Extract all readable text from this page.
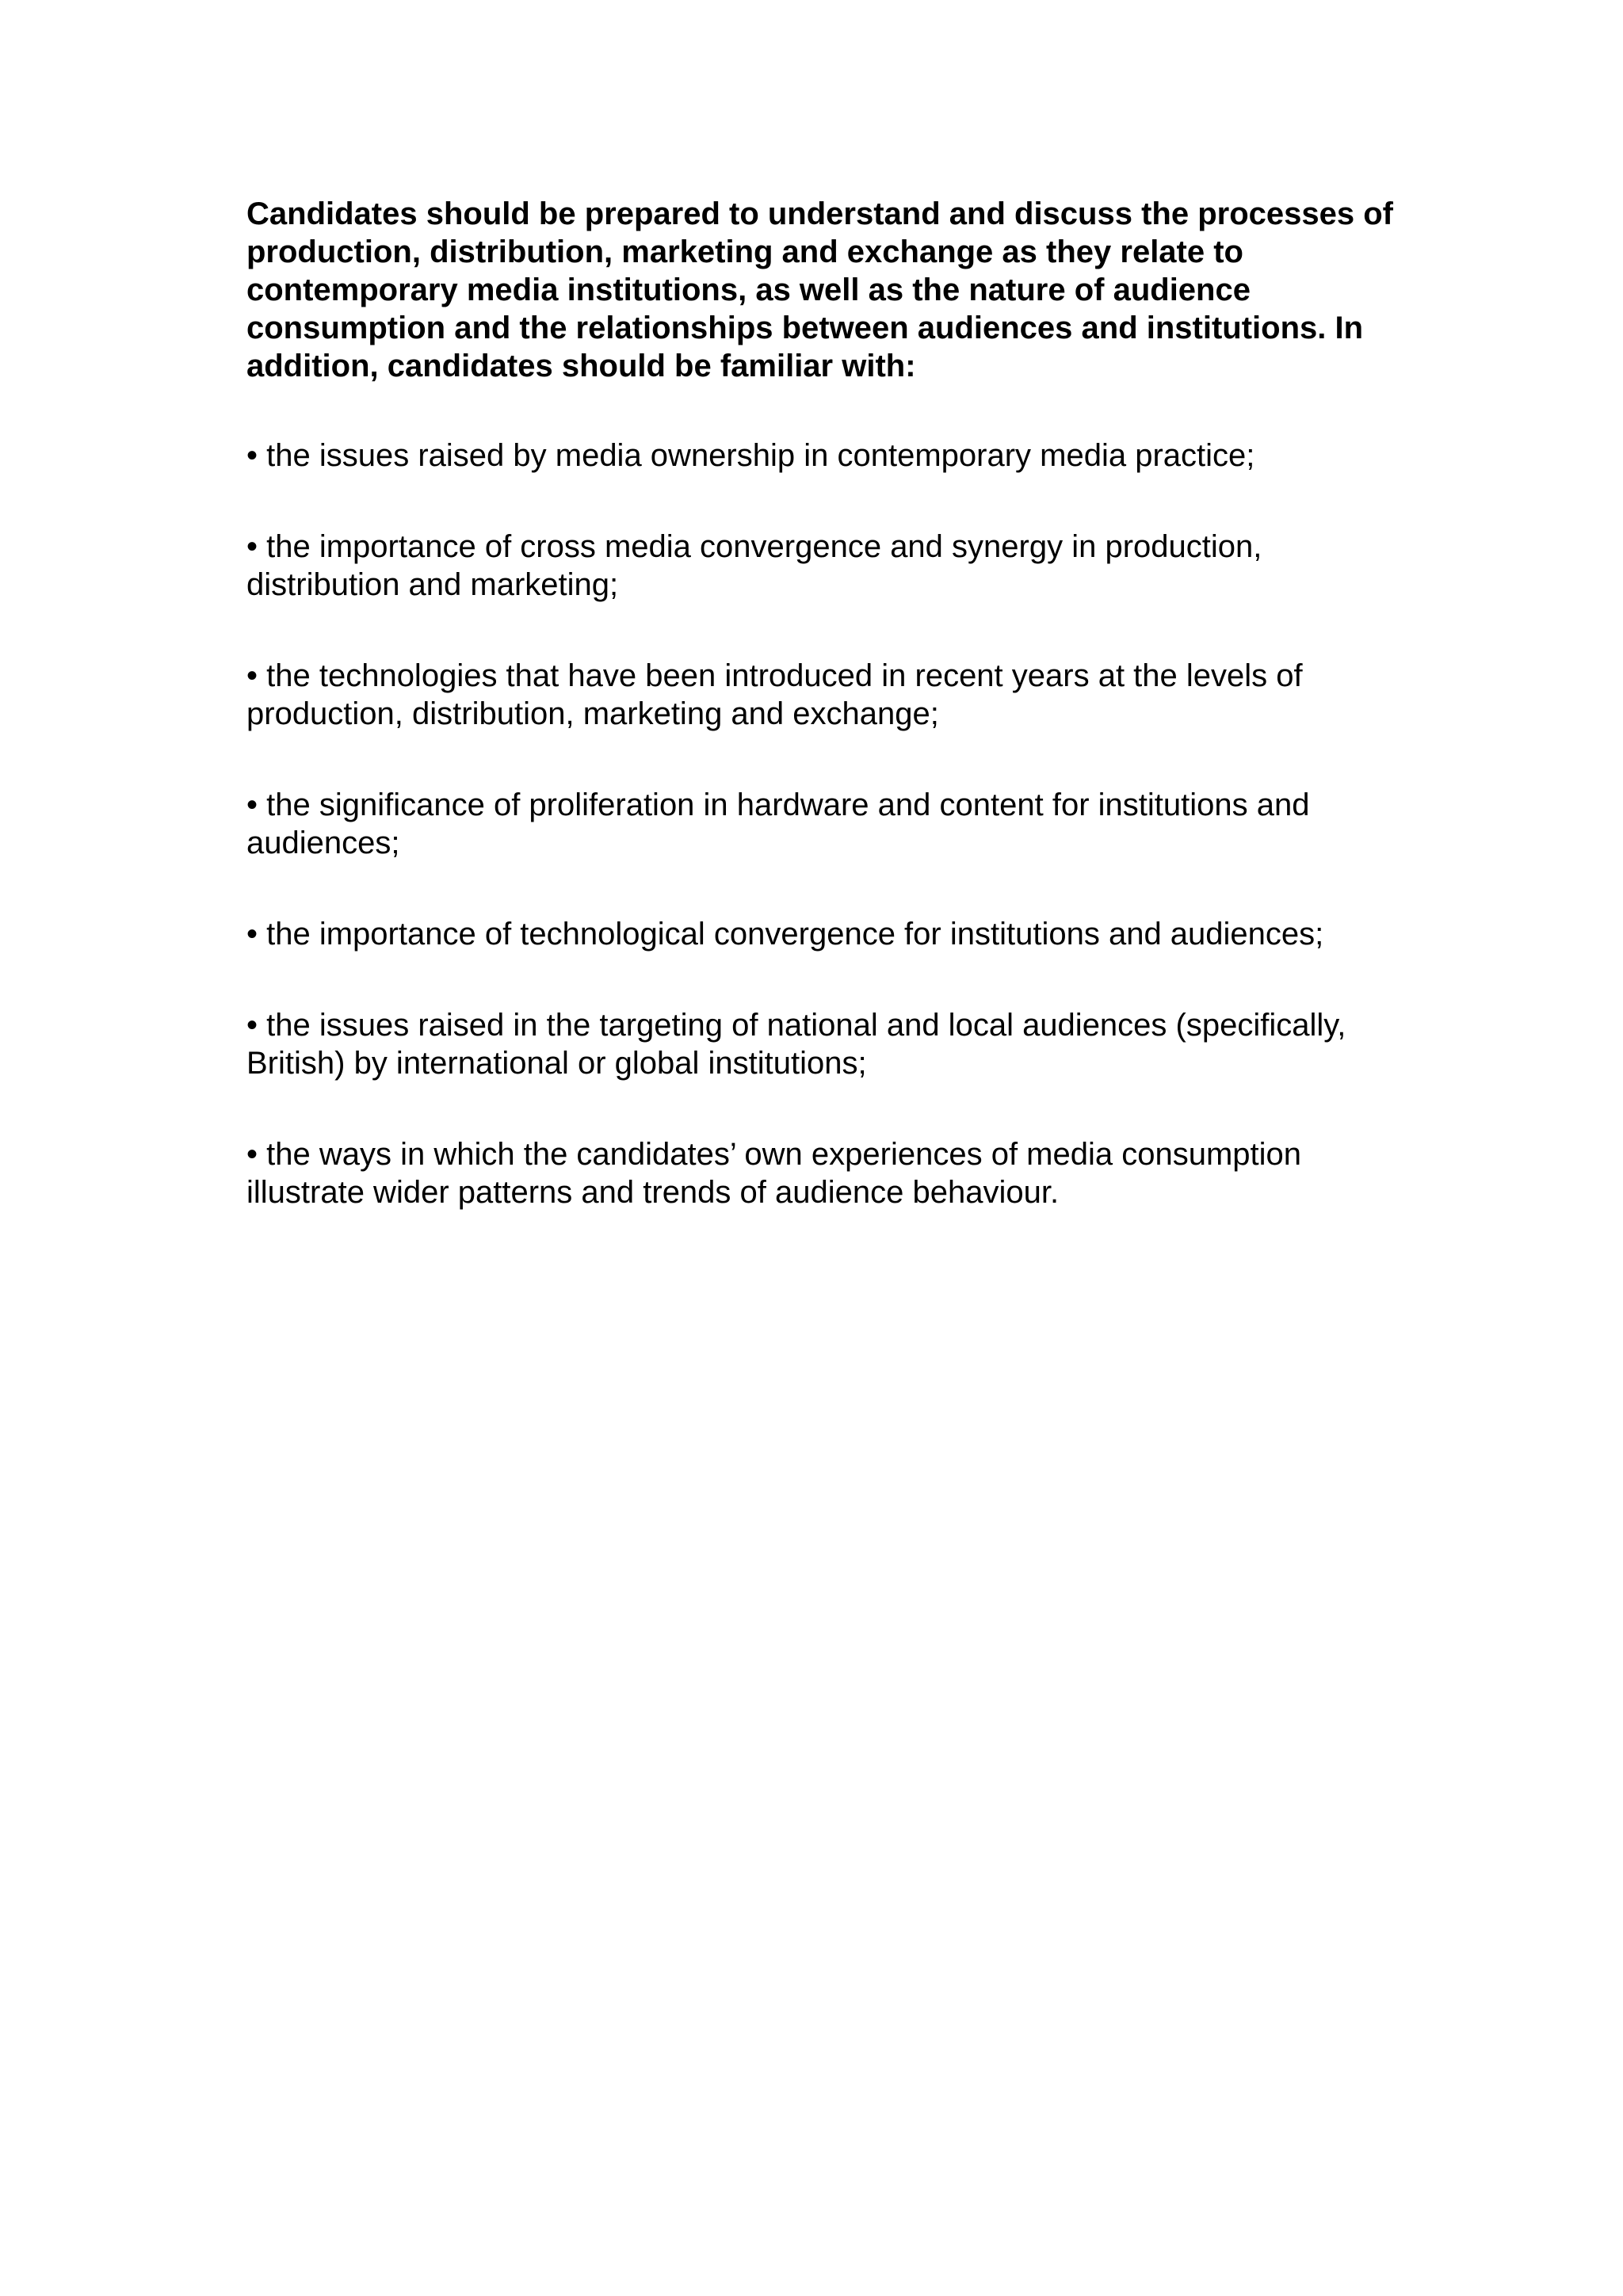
Candidates should be prepared to understand and discuss the processes of production, distribution, marketing and exchange as they relate to contemporary media institutions, as well as the nature of audience consumption and the relationships between audiences and institutions. In addition, candidates should be familiar with:

• the issues raised by media ownership in contemporary media practice;
• the importance of cross media convergence and synergy in production, distribution and marketing;
• the technologies that have been introduced in recent years at the levels of production, distribution, marketing and exchange;
• the significance of proliferation in hardware and content for institutions and audiences;
• the importance of technological convergence for institutions and audiences;
• the issues raised in the targeting of national and local audiences (specifically, British) by international or global institutions;
• the ways in which the candidates’ own experiences of media consumption illustrate wider patterns and trends of audience behaviour.
